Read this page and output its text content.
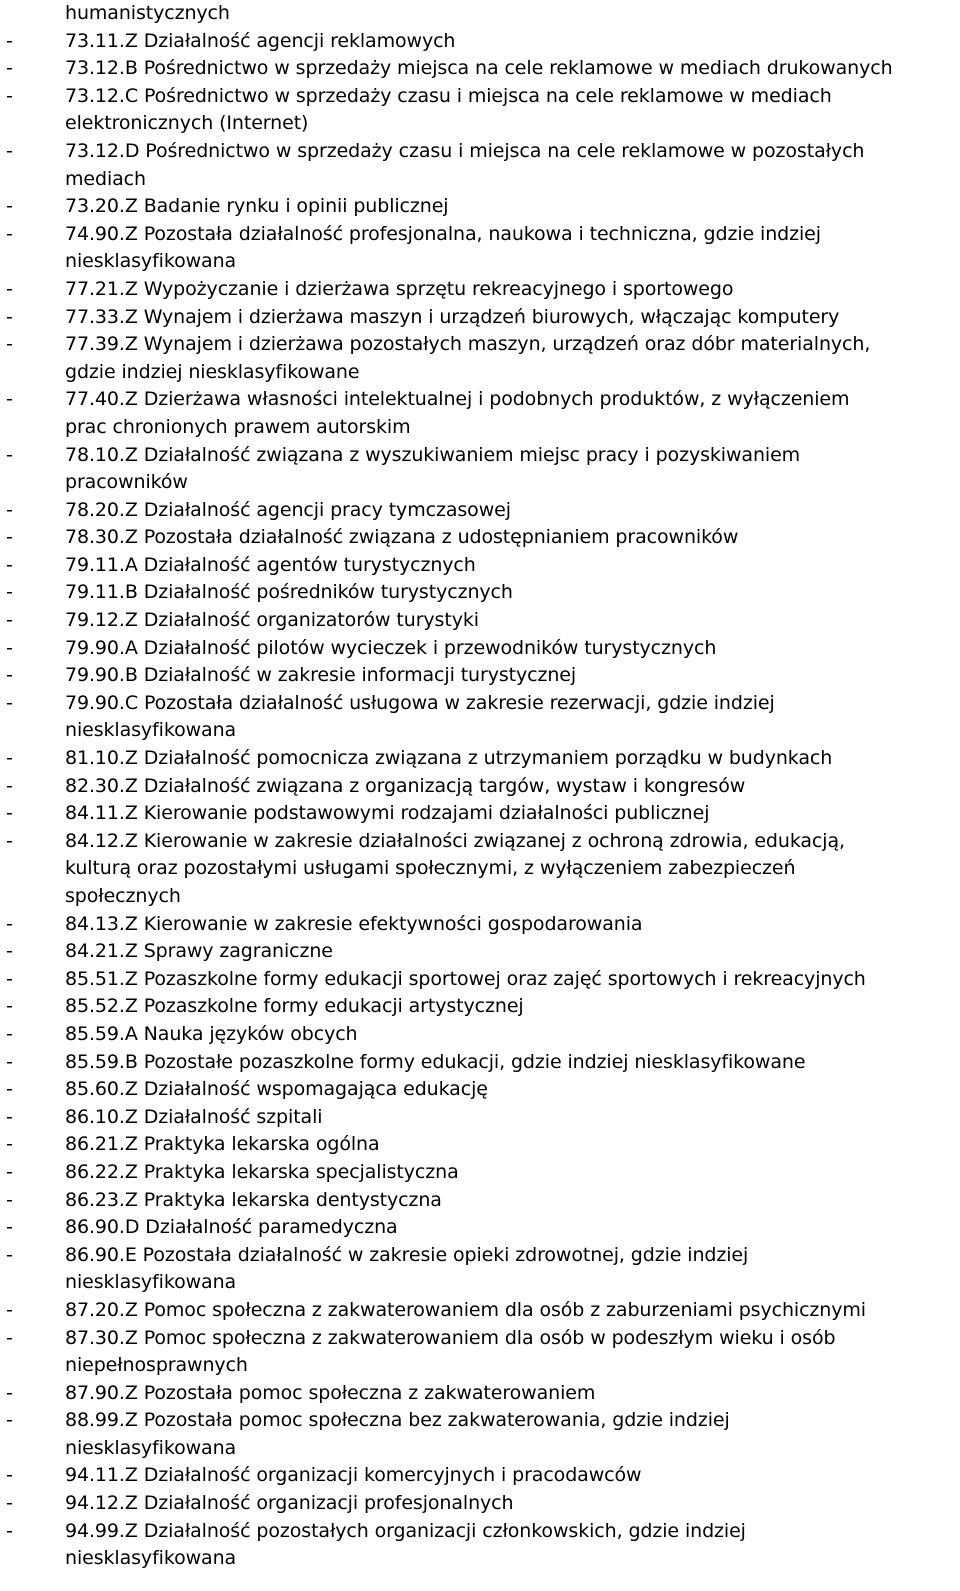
humanistycznych
-	73.11.Z Działalność agencji reklamowych
-	73.12.B Pośrednictwo w sprzedaży miejsca na cele reklamowe w mediach drukowanych
-	73.12.C Pośrednictwo w sprzedaży czasu i miejsca na cele reklamowe w mediach
elektronicznych (Internet)
-	73.12.D Pośrednictwo w sprzedaży czasu i miejsca na cele reklamowe w pozostałych
mediach
-	73.20.Z Badanie rynku i opinii publicznej
-	74.90.Z Pozostała działalność profesjonalna, naukowa i techniczna, gdzie indziej
niesklasyfikowana
-	77.21.Z Wypożyczanie i dzierżawa sprzętu rekreacyjnego i sportowego
-	77.33.Z Wynajem i dzierżawa maszyn i urządzeń biurowych, włączając komputery
-	77.39.Z Wynajem i dzierżawa pozostałych maszyn, urządzeń oraz dóbr materialnych,
gdzie indziej niesklasyfikowane
-	77.40.Z Dzierżawa własności intelektualnej i podobnych produktów, z wyłączeniem
prac chronionych prawem autorskim
-	78.10.Z Działalność związana z wyszukiwaniem miejsc pracy i pozyskiwaniem
pracowników
-	78.20.Z Działalność agencji pracy tymczasowej
-	78.30.Z Pozostała działalność związana z udostępnianiem pracowników
-	79.11.A Działalność agentów turystycznych
-	79.11.B Działalność pośredników turystycznych
-	79.12.Z Działalność organizatorów turystyki
-	79.90.A Działalność pilotów wycieczek i przewodników turystycznych
-	79.90.B Działalność w zakresie informacji turystycznej
-	79.90.C Pozostała działalność usługowa w zakresie rezerwacji, gdzie indziej
niesklasyfikowana
-	81.10.Z Działalność pomocnicza związana z utrzymaniem porządku w budynkach
-	82.30.Z Działalność związana z organizacją targów, wystaw i kongresów
-	84.11.Z Kierowanie podstawowymi rodzajami działalności publicznej
-	84.12.Z Kierowanie w zakresie działalności związanej z ochroną zdrowia, edukacją,
kulturą oraz pozostałymi usługami społecznymi, z wyłączeniem zabezpieczeń
społecznych
-	84.13.Z Kierowanie w zakresie efektywności gospodarowania
-	84.21.Z Sprawy zagraniczne
-	85.51.Z Pozaszkolne formy edukacji sportowej oraz zajęć sportowych i rekreacyjnych
-	85.52.Z Pozaszkolne formy edukacji artystycznej
-	85.59.A Nauka języków obcych
-	85.59.B Pozostałe pozaszkolne formy edukacji, gdzie indziej niesklasyfikowane
-	85.60.Z Działalność wspomagająca edukację
-	86.10.Z Działalność szpitali
-	86.21.Z Praktyka lekarska ogólna
-	86.22.Z Praktyka lekarska specjalistyczna
-	86.23.Z Praktyka lekarska dentystyczna
-	86.90.D Działalność paramedyczna
-	86.90.E Pozostała działalność w zakresie opieki zdrowotnej, gdzie indziej
niesklasyfikowana
-	87.20.Z Pomoc społeczna z zakwaterowaniem dla osób z zaburzeniami psychicznymi
-	87.30.Z Pomoc społeczna z zakwaterowaniem dla osób w podeszłym wieku i osób
niepełnosprawnych
-	87.90.Z Pozostała pomoc społeczna z zakwaterowaniem
-	88.99.Z Pozostała pomoc społeczna bez zakwaterowania, gdzie indziej
niesklasyfikowana
-	94.11.Z Działalność organizacji komercyjnych i pracodawców
-	94.12.Z Działalność organizacji profesjonalnych
-	94.99.Z Działalność pozostałych organizacji członkowskich, gdzie indziej
niesklasyfikowana
